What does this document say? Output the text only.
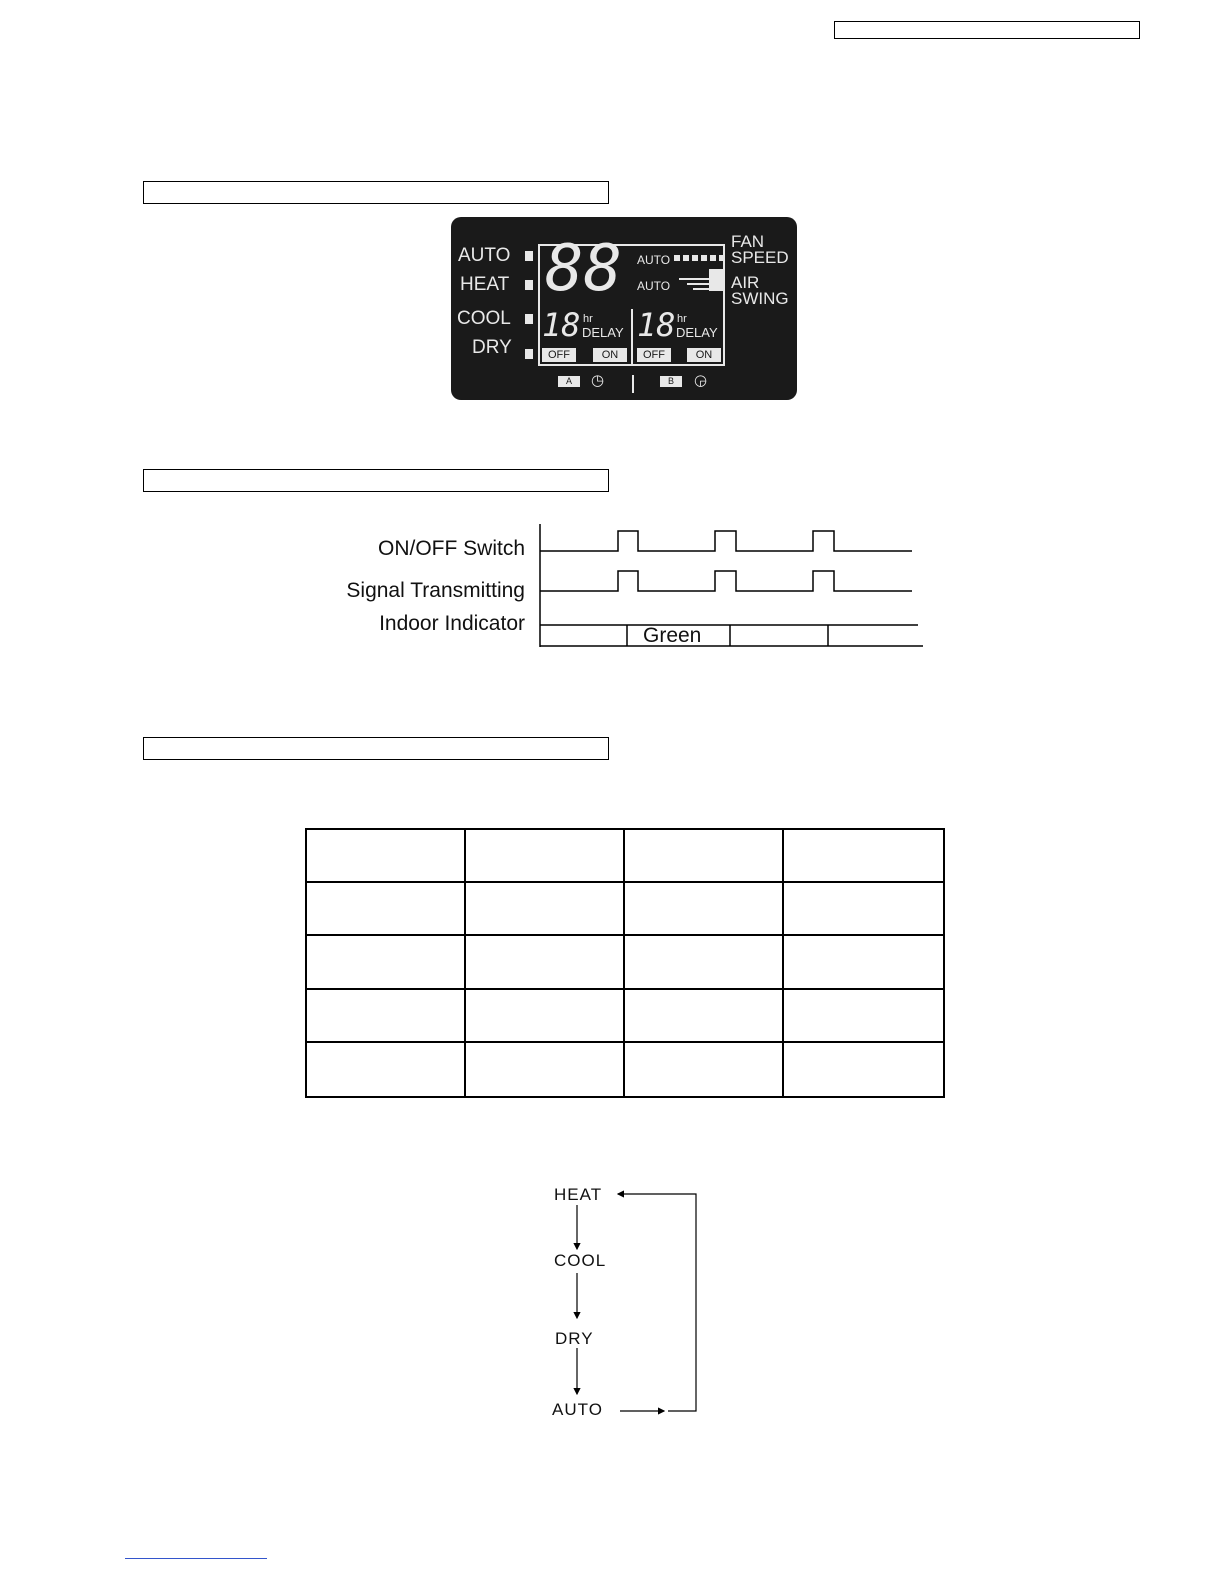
AUTO
HEAT
COOL
DRY
88 AUTO
AUTO
FAN
SPEED
AIR
SWING
18 hr
DELAY 18 hr
DELAY
OFF	ON	OFF	ON
A	◷	B	◶
ON/OFF Switch
Signal Transmitting
Indoor Indicator
Green
HEAT
COOL
DRY
AUTO
